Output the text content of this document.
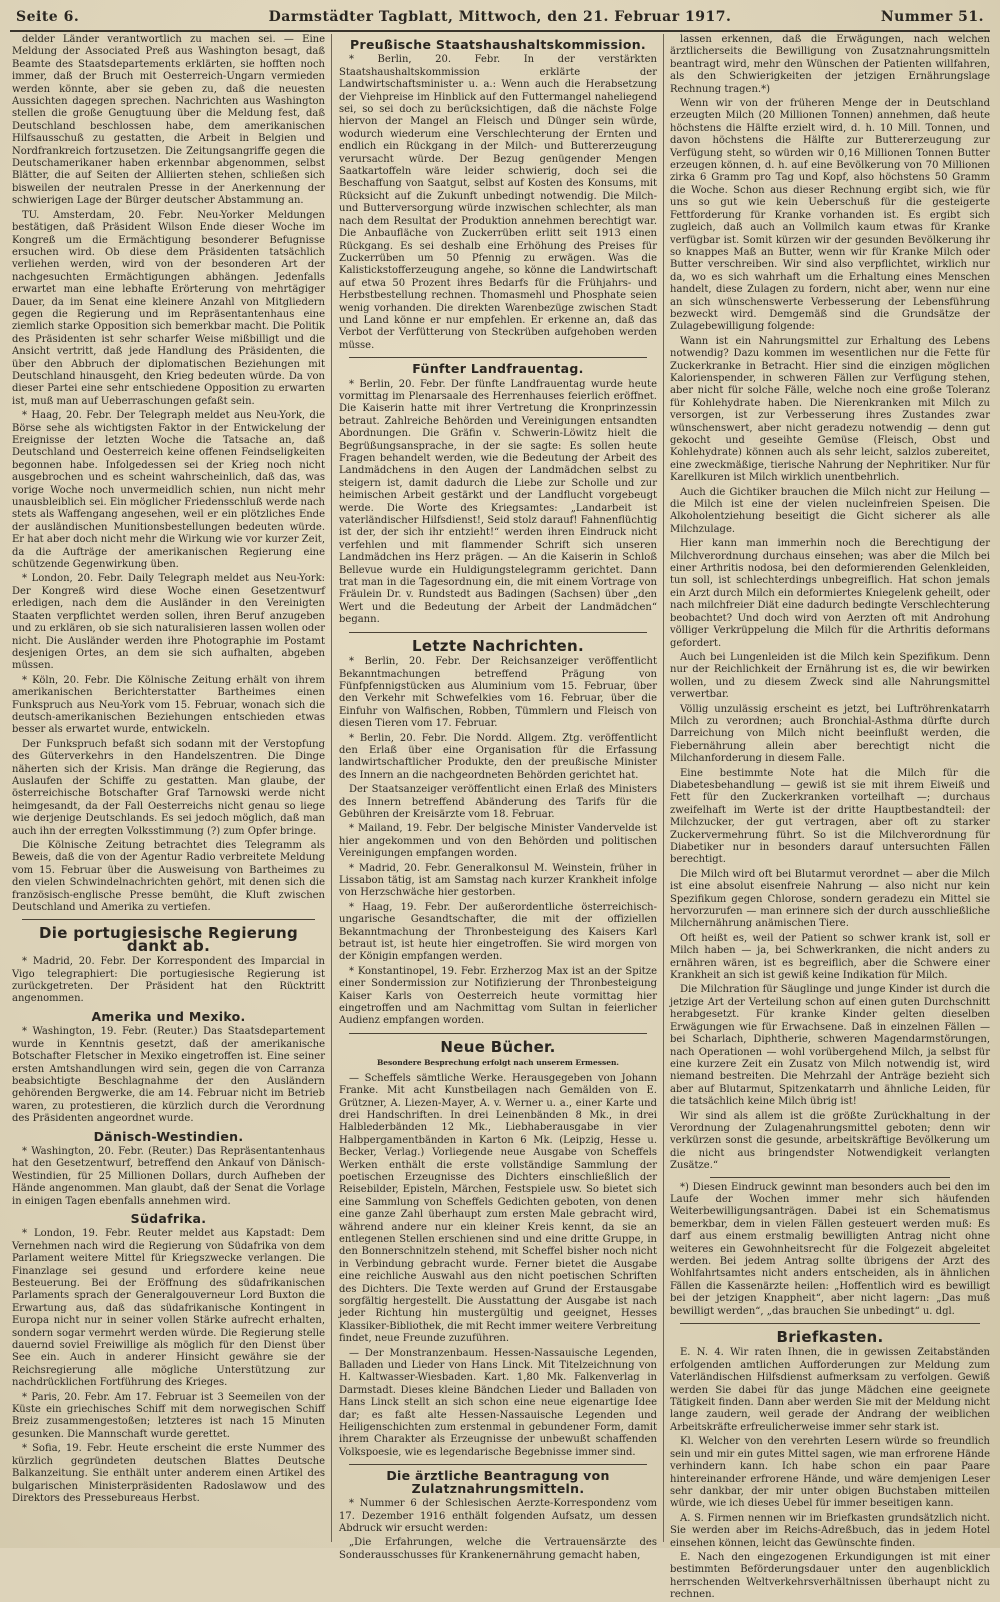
Seite 6.	Darmstädter Tagblatt, Mittwoch, den 21. Februar 1917.	Nummer 51.

delder Länder verantwortlich zu machen sei. — Eine Meldung der Associated Preß aus Washington besagt, daß Beamte des Staatsdepartements erklärten, sie hofften noch immer, daß der Bruch mit Oesterreich-Ungarn vermieden werden könnte, aber sie geben zu, daß die neuesten Aussichten dagegen sprechen. Nachrichten aus Washington stellen die große Genugtuung über die Meldung fest, daß Deutschland beschlossen habe, dem amerikanischen Hilfsausschuß zu gestatten, die Arbeit in Belgien und Nordfrankreich fortzusetzen. Die Zeitungsangriffe gegen die Deutschamerikaner haben erkennbar abgenommen, selbst Blätter, die auf Seiten der Alliierten stehen, schließen sich bisweilen der neutralen Presse in der Anerkennung der schwierigen Lage der Bürger deutscher Abstammung an.

TU. Amsterdam, 20. Febr. Neu-Yorker Meldungen bestätigen, daß Präsident Wilson Ende dieser Woche im Kongreß um die Ermächtigung besonderer Befugnisse ersuchen wird. Ob diese dem Präsidenten tatsächlich verliehen werden, wird von der besonderen Art der nachgesuchten Ermächtigungen abhängen. Jedenfalls erwartet man eine lebhafte Erörterung von mehrtägiger Dauer, da im Senat eine kleinere Anzahl von Mitgliedern gegen die Regierung und im Repräsentantenhaus eine ziemlich starke Opposition sich bemerkbar macht. Die Politik des Präsidenten ist sehr scharfer Weise mißbilligt und die Ansicht vertritt, daß jede Handlung des Präsidenten, die über den Abbruch der diplomatischen Beziehungen mit Deutschland hinausgeht, den Krieg bedeuten würde. Da von dieser Partei eine sehr entschiedene Opposition zu erwarten ist, muß man auf Ueberraschungen gefaßt sein.

* Haag, 20. Febr. Der Telegraph meldet aus Neu-York, die Börse sehe als wichtigsten Faktor in der Entwickelung der Ereignisse der letzten Woche die Tatsache an, daß Deutschland und Oesterreich keine offenen Feindseligkeiten begonnen habe. Infolgedessen sei der Krieg noch nicht ausgebrochen und es scheint wahrscheinlich, daß das, was vorige Woche noch unvermeidlich schien, nun nicht mehr unausbleiblich sei. Ein möglicher Friedensschluß werde nach stets als Waffengang angesehen, weil er ein plötzliches Ende der ausländischen Munitionsbestellungen bedeuten würde. Er hat aber doch nicht mehr die Wirkung wie vor kurzer Zeit, da die Aufträge der amerikanischen Regierung eine schützende Gegenwirkung üben.

* London, 20. Febr. Daily Telegraph meldet aus Neu-York: Der Kongreß wird diese Woche einen Gesetzentwurf erledigen, nach dem die Ausländer in den Vereinigten Staaten verpflichtet werden sollen, ihren Beruf anzugeben und zu erklären, ob sie sich naturalisieren lassen wollen oder nicht. Die Ausländer werden ihre Photographie im Postamt desjenigen Ortes, an dem sie sich aufhalten, abgeben müssen.

* Köln, 20. Febr. Die Kölnische Zeitung erhält von ihrem amerikanischen Berichterstatter Bartheimes einen Funkspruch aus Neu-York vom 15. Februar, wonach sich die deutsch-amerikanischen Beziehungen entschieden etwas besser als erwartet wurde, entwickeln.

Der Funkspruch befaßt sich sodann mit der Verstopfung des Güterverkehrs in den Handelszentren. Die Dinge näherten sich der Krisis. Man dränge die Regierung, das Auslaufen der Schiffe zu gestatten. Man glaube, der österreichische Botschafter Graf Tarnowski werde nicht heimgesandt, da der Fall Oesterreichs nicht genau so liege wie derjenige Deutschlands. Es sei jedoch möglich, daß man auch ihn der erregten Volksstimmung (?) zum Opfer bringe.

Die Kölnische Zeitung betrachtet dies Telegramm als Beweis, daß die von der Agentur Radio verbreitete Meldung vom 15. Februar über die Ausweisung von Bartheimes zu den vielen Schwindelnachrichten gehört, mit denen sich die französisch-englische Presse bemüht, die Kluft zwischen Deutschland und Amerika zu vertiefen.

Die portugiesische Regierung dankt ab.

* Madrid, 20. Febr. Der Korrespondent des Imparcial in Vigo telegraphiert: Die portugiesische Regierung ist zurückgetreten. Der Präsident hat den Rücktritt angenommen.

Amerika und Mexiko.

* Washington, 19. Febr. (Reuter.) Das Staatsdepartement wurde in Kenntnis gesetzt, daß der amerikanische Botschafter Fletscher in Mexiko eingetroffen ist. Eine seiner ersten Amtshandlungen wird sein, gegen die von Carranza beabsichtigte Beschlagnahme der den Ausländern gehörenden Bergwerke, die am 14. Februar nicht im Betrieb waren, zu protestieren, die kürzlich durch die Verordnung des Präsidenten angeordnet wurde.

Dänisch-Westindien.

* Washington, 20. Febr. (Reuter.) Das Repräsentantenhaus hat den Gesetzentwurf, betreffend den Ankauf von Dänisch-Westindien, für 25 Millionen Dollars, durch Aufheben der Hände angenommen. Man glaubt, daß der Senat die Vorlage in einigen Tagen ebenfalls annehmen wird.

Südafrika.

* London, 19. Febr. Reuter meldet aus Kapstadt: Dem Vernehmen nach wird die Regierung von Südafrika von dem Parlament weitere Mittel für Kriegszwecke verlangen. Die Finanzlage sei gesund und erfordere keine neue Besteuerung. Bei der Eröffnung des südafrikanischen Parlaments sprach der Generalgouverneur Lord Buxton die Erwartung aus, daß das südafrikanische Kontingent in Europa nicht nur in seiner vollen Stärke aufrecht erhalten, sondern sogar vermehrt werden würde. Die Regierung stelle dauernd soviel Freiwillige als möglich für den Dienst über See ein. Auch in anderer Hinsicht gewähre sie der Reichsregierung alle mögliche Unterstützung zur nachdrücklichen Fortführung des Krieges.

* Paris, 20. Febr. Am 17. Februar ist 3 Seemeilen von der Küste ein griechisches Schiff mit dem norwegischen Schiff Breiz zusammengestoßen; letzteres ist nach 15 Minuten gesunken. Die Mannschaft wurde gerettet.

* Sofia, 19. Febr. Heute erscheint die erste Nummer des kürzlich gegründeten deutschen Blattes Deutsche Balkanzeitung. Sie enthält unter anderem einen Artikel des bulgarischen Ministerpräsidenten Radoslawow und des Direktors des Pressebureaus Herbst.

Preußische Staatshaushaltskommission.

* Berlin, 20. Febr. In der verstärkten Staatshaushaltskommission erklärte der Landwirtschaftsminister u. a.: Wenn auch die Herabsetzung der Viehpreise im Hinblick auf den Futtermangel naheliegend sei, so sei doch zu berücksichtigen, daß die nächste Folge hiervon der Mangel an Fleisch und Dünger sein würde, wodurch wiederum eine Verschlechterung der Ernten und endlich ein Rückgang in der Milch- und Buttererzeugung verursacht würde. Der Bezug genügender Mengen Saatkartoffeln wäre leider schwierig, doch sei die Beschaffung von Saatgut, selbst auf Kosten des Konsums, mit Rücksicht auf die Zukunft unbedingt notwendig. Die Milch- und Butterversorgung würde inzwischen schlechter, als man nach dem Resultat der Produktion annehmen berechtigt war. Die Anbaufläche von Zuckerrüben erlitt seit 1913 einen Rückgang. Es sei deshalb eine Erhöhung des Preises für Zuckerrüben um 50 Pfennig zu erwägen. Was die Kalistickstofferzeugung angehe, so könne die Landwirtschaft auf etwa 50 Prozent ihres Bedarfs für die Frühjahrs- und Herbstbestellung rechnen. Thomasmehl und Phosphate seien wenig vorhanden. Die direkten Warenbezüge zwischen Stadt und Land könne er nur empfehlen. Er erkenne an, daß das Verbot der Verfütterung von Steckrüben aufgehoben werden müsse.

Fünfter Landfrauentag.

* Berlin, 20. Febr. Der fünfte Landfrauentag wurde heute vormittag im Plenarsaale des Herrenhauses feierlich eröffnet. Die Kaiserin hatte mit ihrer Vertretung die Kronprinzessin betraut. Zahlreiche Behörden und Vereinigungen entsandten Abordnungen. Die Gräfin v. Schwerin-Löwitz hielt die Begrüßungsansprache, in der sie sagte: Es sollen heute Fragen behandelt werden, wie die Bedeutung der Arbeit des Landmädchens in den Augen der Landmädchen selbst zu steigern ist, damit dadurch die Liebe zur Scholle und zur heimischen Arbeit gestärkt und der Landflucht vorgebeugt werde. Die Worte des Kriegsamtes: „Landarbeit ist vaterländischer Hilfsdienst!, Seid stolz darauf! Fahnenflüchtig ist der, der sich ihr entzieht!“ werden ihren Eindruck nicht verfehlen und mit flammender Schrift sich unseren Landmädchen ins Herz prägen. — An die Kaiserin in Schloß Bellevue wurde ein Huldigungstelegramm gerichtet. Dann trat man in die Tagesordnung ein, die mit einem Vortrage von Fräulein Dr. v. Rundstedt aus Badingen (Sachsen) über „den Wert und die Bedeutung der Arbeit der Landmädchen“ begann.

Letzte Nachrichten.

* Berlin, 20. Febr. Der Reichsanzeiger veröffentlicht Bekanntmachungen betreffend Prägung von Fünfpfennigstücken aus Aluminium vom 15. Februar, über den Verkehr mit Schwefelkies vom 16. Februar, über die Einfuhr von Walfischen, Robben, Tümmlern und Fleisch von diesen Tieren vom 17. Februar.

* Berlin, 20. Febr. Die Nordd. Allgem. Ztg. veröffentlicht den Erlaß über eine Organisation für die Erfassung landwirtschaftlicher Produkte, den der preußische Minister des Innern an die nachgeordneten Behörden gerichtet hat.

Der Staatsanzeiger veröffentlicht einen Erlaß des Ministers des Innern betreffend Abänderung des Tarifs für die Gebühren der Kreisärzte vom 18. Februar.

* Mailand, 19. Febr. Der belgische Minister Vandervelde ist hier angekommen und von den Behörden und politischen Vereinigungen empfangen worden.

* Madrid, 20. Febr. Generalkonsul M. Weinstein, früher in Lissabon tätig, ist am Samstag nach kurzer Krankheit infolge von Herzschwäche hier gestorben.

* Haag, 19. Febr. Der außerordentliche österreichisch-ungarische Gesandtschafter, die mit der offiziellen Bekanntmachung der Thronbesteigung des Kaisers Karl betraut ist, ist heute hier eingetroffen. Sie wird morgen von der Königin empfangen werden.

* Konstantinopel, 19. Febr. Erzherzog Max ist an der Spitze einer Sondermission zur Notifizierung der Thronbesteigung Kaiser Karls von Oesterreich heute vormittag hier eingetroffen und am Nachmittag vom Sultan in feierlicher Audienz empfangen worden.

Neue Bücher.
Besondere Besprechung erfolgt nach unserem Ermessen.

— Scheffels sämtliche Werke. Herausgegeben von Johann Franke. Mit acht Kunstbeilagen nach Gemälden von E. Grützner, A. Liezen-Mayer, A. v. Werner u. a., einer Karte und drei Handschriften. In drei Leinenbänden 8 Mk., in drei Halblederbänden 12 Mk., Liebhaberausgabe in vier Halbpergamentbänden in Karton 6 Mk. (Leipzig, Hesse u. Becker, Verlag.) Vorliegende neue Ausgabe von Scheffels Werken enthält die erste vollständige Sammlung der poetischen Erzeugnisse des Dichters einschließlich der Reisebilder, Episteln, Märchen, Festspiele usw. So bietet sich eine Sammlung von Scheffels Gedichten geboten, von denen eine ganze Zahl überhaupt zum ersten Male gebracht wird, während andere nur ein kleiner Kreis kennt, da sie an entlegenen Stellen erschienen sind und eine dritte Gruppe, in den Bonnerschnitzeln stehend, mit Scheffel bisher noch nicht in Verbindung gebracht wurde. Ferner bietet die Ausgabe eine reichliche Auswahl aus den nicht poetischen Schriften des Dichters. Die Texte werden auf Grund der Erstausgabe sorgfältig hergestellt. Die Ausstattung der Ausgabe ist nach jeder Richtung hin mustergültig und geeignet, Hesses Klassiker-Bibliothek, die mit Recht immer weitere Verbreitung findet, neue Freunde zuzuführen.

— Der Monstranzenbaum. Hessen-Nassauische Legenden, Balladen und Lieder von Hans Linck. Mit Titelzeichnung von H. Kaltwasser-Wiesbaden. Kart. 1,80 Mk. Falkenverlag in Darmstadt. Dieses kleine Bändchen Lieder und Balladen von Hans Linck stellt an sich schon eine neue eigenartige Idee dar; es faßt alte Hessen-Nassauische Legenden und Heiligenschichten zum erstenmal in gebundener Form, damit ihrem Charakter als Erzeugnisse der unbewußt schaffenden Volkspoesie, wie es legendarische Begebnisse immer sind.

Die ärztliche Beantragung von Zulatznahrungsmitteln.

* Nummer 6 der Schlesischen Aerzte-Korrespondenz vom 17. Dezember 1916 enthält folgenden Aufsatz, um dessen Abdruck wir ersucht werden:

„Die Erfahrungen, welche die Vertrauensärzte des Sonderausschusses für Krankenernährung gemacht haben,

lassen erkennen, daß die Erwägungen, nach welchen ärztlicherseits die Bewilligung von Zusatznahrungsmitteln beantragt wird, mehr den Wünschen der Patienten willfahren, als den Schwierigkeiten der jetzigen Ernährungslage Rechnung tragen.*)

Wenn wir von der früheren Menge der in Deutschland erzeugten Milch (20 Millionen Tonnen) annehmen, daß heute höchstens die Hälfte erzielt wird, d. h. 10 Mill. Tonnen, und davon höchstens die Hälfte zur Buttererzeugung zur Verfügung steht, so würden wir 0,16 Millionen Tonnen Butter erzeugen können, d. h. auf eine Bevölkerung von 70 Millionen zirka 6 Gramm pro Tag und Kopf, also höchstens 50 Gramm die Woche. Schon aus dieser Rechnung ergibt sich, wie für uns so gut wie kein Ueberschuß für die gesteigerte Fettforderung für Kranke vorhanden ist. Es ergibt sich zugleich, daß auch an Vollmilch kaum etwas für Kranke verfügbar ist. Somit kürzen wir der gesunden Bevölkerung ihr so knappes Maß an Butter, wenn wir für Kranke Milch oder Butter verschreiben. Wir sind also verpflichtet, wirklich nur da, wo es sich wahrhaft um die Erhaltung eines Menschen handelt, diese Zulagen zu fordern, nicht aber, wenn nur eine an sich wünschenswerte Verbesserung der Lebensführung bezweckt wird. Demgemäß sind die Grundsätze der Zulagebewilligung folgende:

Wann ist ein Nahrungsmittel zur Erhaltung des Lebens notwendig? Dazu kommen im wesentlichen nur die Fette für Zuckerkranke in Betracht. Hier sind die einzigen möglichen Kalorienspender, in schweren Fällen zur Verfügung stehen, aber nicht für solche Fälle, welche noch eine große Toleranz für Kohlehydrate haben. Die Nierenkranken mit Milch zu versorgen, ist zur Verbesserung ihres Zustandes zwar wünschenswert, aber nicht geradezu notwendig — denn gut gekocht und geseihte Gemüse (Fleisch, Obst und Kohlehydrate) können auch als sehr leicht, salzlos zubereitet, eine zweckmäßige, tierische Nahrung der Nephritiker. Nur für Karellkuren ist Milch wirklich unentbehrlich.

Auch die Gichtiker brauchen die Milch nicht zur Heilung — die Milch ist eine der vielen nucleinfreien Speisen. Die Alkoholentziehung beseitigt die Gicht sicherer als alle Milchzulage.

Hier kann man immerhin noch die Berechtigung der Milchverordnung durchaus einsehen; was aber die Milch bei einer Arthritis nodosa, bei den deformierenden Gelenkleiden, tun soll, ist schlechterdings unbegreiflich. Hat schon jemals ein Arzt durch Milch ein deformiertes Kniegelenk geheilt, oder nach milchfreier Diät eine dadurch bedingte Verschlechterung beobachtet? Und doch wird von Aerzten oft mit Androhung völliger Verkrüppelung die Milch für die Arthritis deformans gefordert.

Auch bei Lungenleiden ist die Milch kein Spezifikum. Denn nur der Reichlichkeit der Ernährung ist es, die wir bewirken wollen, und zu diesem Zweck sind alle Nahrungsmittel verwertbar.

Völlig unzulässig erscheint es jetzt, bei Luftröhrenkatarrh Milch zu verordnen; auch Bronchial-Asthma dürfte durch Darreichung von Milch nicht beeinflußt werden, die Fiebernährung allein aber berechtigt nicht die Milchanforderung in diesem Falle.

Eine bestimmte Note hat die Milch für die Diabetesbehandlung — gewiß ist sie mit ihrem Eiweiß und Fett für den Zuckerkranken vorteilhaft —; durchaus zweifelhaft im Werte ist der dritte Hauptbestandteil: der Milchzucker, der gut vertragen, aber oft zu starker Zuckervermehrung führt. So ist die Milchverordnung für Diabetiker nur in besonders darauf untersuchten Fällen berechtigt.

Die Milch wird oft bei Blutarmut verordnet — aber die Milch ist eine absolut eisenfreie Nahrung — also nicht nur kein Spezifikum gegen Chlorose, sondern geradezu ein Mittel sie hervorzurufen — man erinnere sich der durch ausschließliche Milchernährung anämischen Tiere.

Oft heißt es, weil der Patient so schwer krank ist, soll er Milch haben — ja, bei Schwerkranken, die nicht anders zu ernähren wären, ist es begreiflich, aber die Schwere einer Krankheit an sich ist gewiß keine Indikation für Milch.

Die Milchration für Säuglinge und junge Kinder ist durch die jetzige Art der Verteilung schon auf einen guten Durchschnitt herabgesetzt. Für kranke Kinder gelten dieselben Erwägungen wie für Erwachsene. Daß in einzelnen Fällen — bei Scharlach, Diphtherie, schweren Magendarmstörungen, nach Operationen — wohl vorübergehend Milch, ja selbst für eine kurzere Zeit ein Zusatz von Milch notwendig ist, wird niemand bestreiten. Die Mehrzahl der Anträge bezieht sich aber auf Blutarmut, Spitzenkatarrh und ähnliche Leiden, für die tatsächlich keine Milch übrig ist!

Wir sind als allem ist die größte Zurückhaltung in der Verordnung der Zulagenahrungsmittel geboten; denn wir verkürzen sonst die gesunde, arbeitskräftige Bevölkerung um die nicht aus bringendster Notwendigkeit verlangten Zusätze.“

*) Diesen Eindruck gewinnt man besonders auch bei den im Laufe der Wochen immer mehr sich häufenden Weiterbewilligungsanträgen. Dabei ist ein Schematismus bemerkbar, dem in vielen Fällen gesteuert werden muß: Es darf aus einem erstmalig bewilligten Antrag nicht ohne weiteres ein Gewohnheitsrecht für die Folgezeit abgeleitet werden. Bei jedem Antrag sollte übrigens der Arzt des Wohlfahrtsamtes nicht anders entscheiden, als in ähnlichen Fällen die Kassenärzte heilen: „Hoffentlich wird es bewilligt bei der jetzigen Knappheit“, aber nicht lagern: „Das muß bewilligt werden“, „das brauchen Sie unbedingt“ u. dgl.

Briefkasten.

E. N. 4. Wir raten Ihnen, die in gewissen Zeitabständen erfolgenden amtlichen Aufforderungen zur Meldung zum Vaterländischen Hilfsdienst aufmerksam zu verfolgen. Gewiß werden Sie dabei für das junge Mädchen eine geeignete Tätigkeit finden. Dann aber werden Sie mit der Meldung nicht lange zaudern, weil gerade der Andrang der weiblichen Arbeitskräfte erfreulicherweise immer sehr stark ist.

Kl. Welcher von den verehrten Lesern würde so freundlich sein und mir ein gutes Mittel sagen, wie man erfrorene Hände verhindern kann. Ich habe schon ein paar Paare hintereinander erfrorene Hände, und wäre demjenigen Leser sehr dankbar, der mir unter obigen Buchstaben mitteilen würde, wie ich dieses Uebel für immer beseitigen kann.

A. S. Firmen nennen wir im Briefkasten grundsätzlich nicht. Sie werden aber im Reichs-Adreßbuch, das in jedem Hotel einsehen können, leicht das Gewünschte finden.

E. Nach den eingezogenen Erkundigungen ist mit einer bestimmten Beförderungsdauer unter den augenblicklich herrschenden Weltverkehrsverhältnissen überhaupt nicht zu rechnen.
